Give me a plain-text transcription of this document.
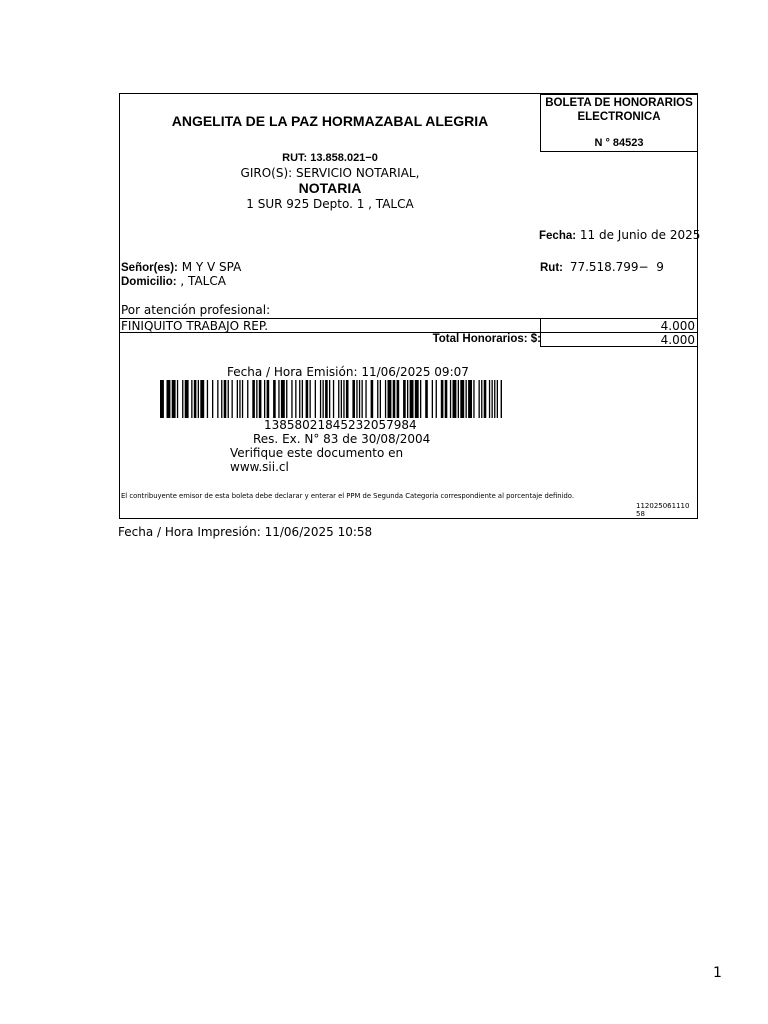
ANGELITA DE LA PAZ HORMAZABAL ALEGRIA
RUT: 13.858.021−0
GIRO(S): SERVICIO NOTARIAL,
NOTARIA
1 SUR 925 Depto. 1 , TALCA
BOLETA DE HONORARIOS
ELECTRONICA
N ° 84523
Fecha: 11 de Junio de 2025
Señor(es): M Y V SPA
Domicilio: , TALCA
Rut: 77.518.799−  9
Por atención profesional:
FINIQUITO TRABAJO REP.	4.000
Total Honorarios: $:	4.000
Fecha / Hora Emisión: 11/06/2025 09:07
13858021845232057984
Res. Ex. N° 83 de 30/08/2004
Verifique este documento en
www.sii.cl
El contribuyente emisor de esta boleta debe declarar y enterar el PPM de Segunda Categoria correspondiente al porcentaje definido.
112025061110
58
Fecha / Hora Impresión: 11/06/2025 10:58
1
